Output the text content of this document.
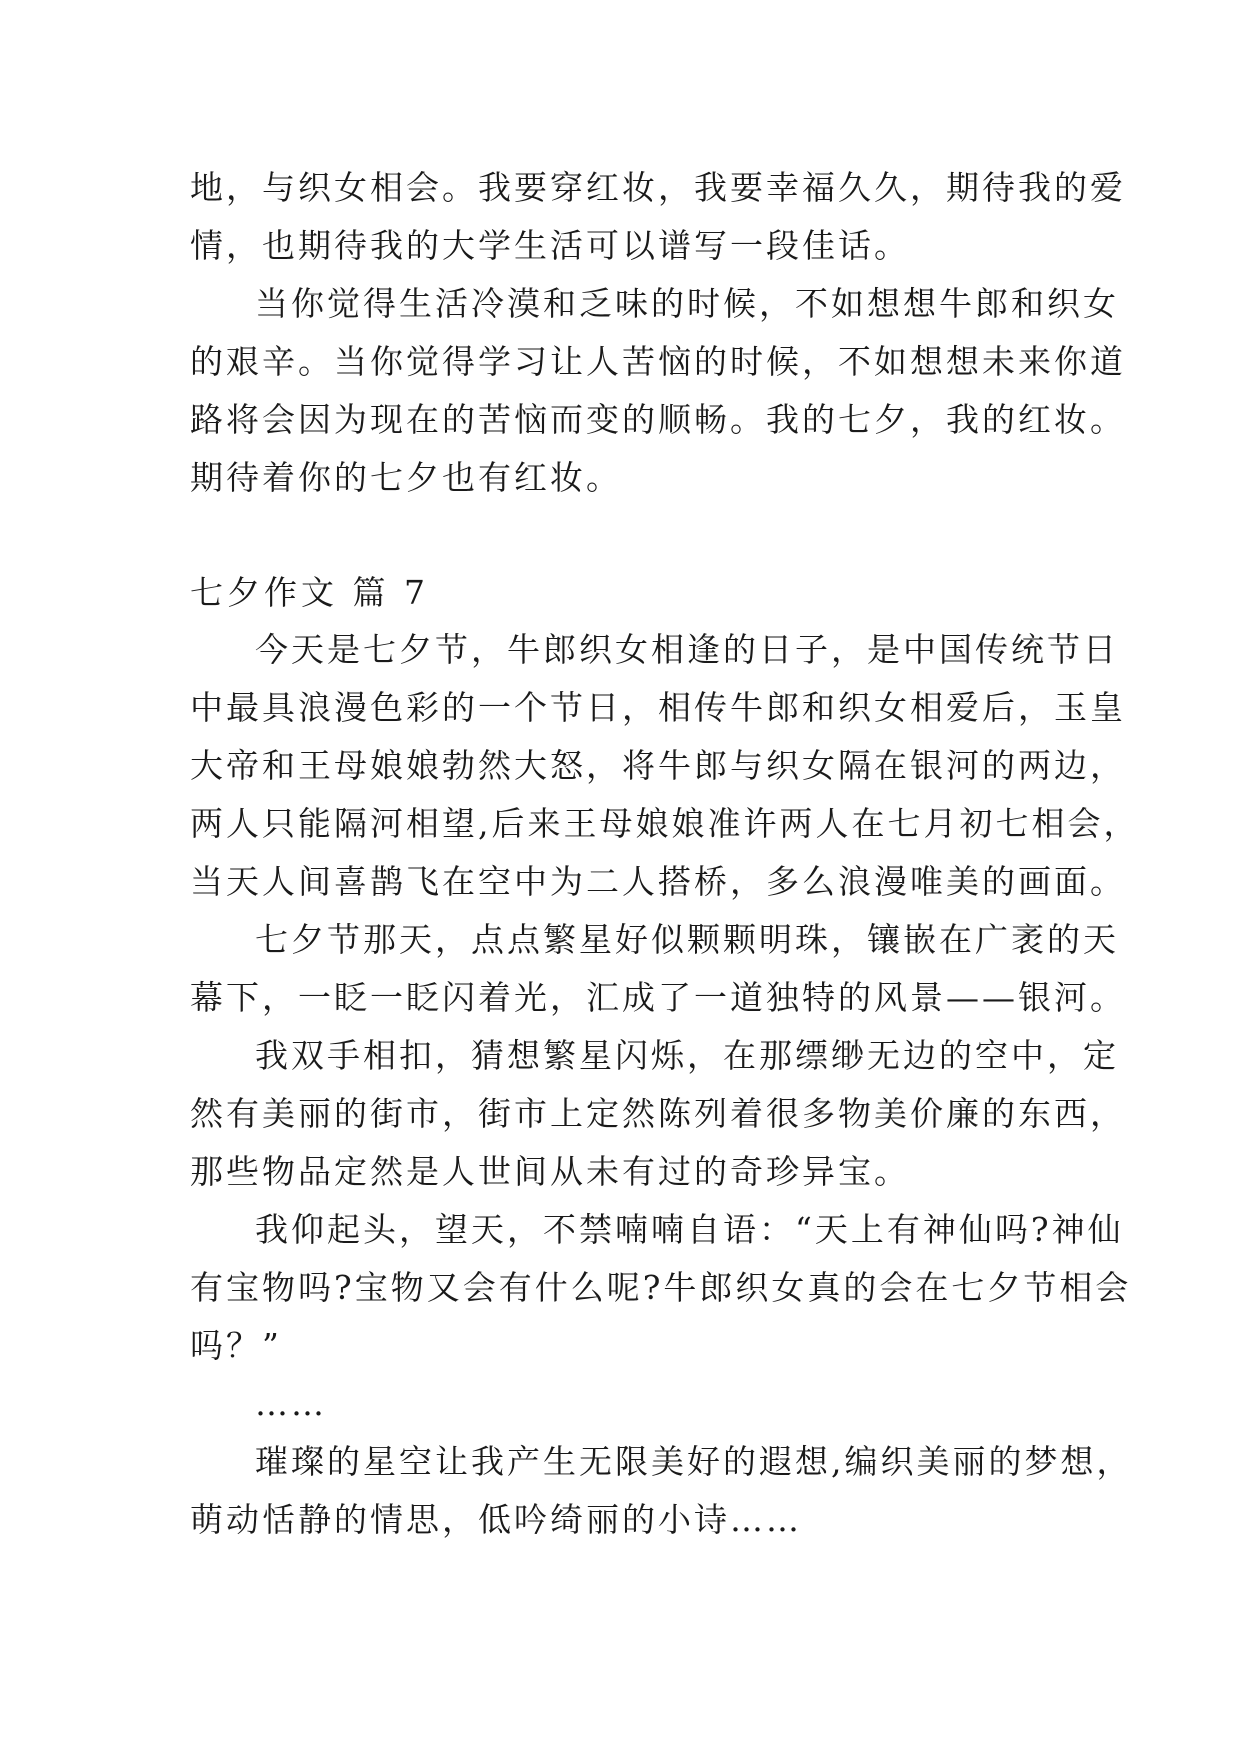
地，与织女相会。我要穿红妆，我要幸福久久，期待我的爱
情，也期待我的大学生活可以谱写一段佳话。
当你觉得生活冷漠和乏味的时候，不如想想牛郎和织女
的艰辛。当你觉得学习让人苦恼的时候，不如想想未来你道
路将会因为现在的苦恼而变的顺畅。我的七夕，我的红妆。
期待着你的七夕也有红妆。
七夕作文 篇 7
今天是七夕节，牛郎织女相逢的日子，是中国传统节日
中最具浪漫色彩的一个节日，相传牛郎和织女相爱后，玉皇
大帝和王母娘娘勃然大怒，将牛郎与织女隔在银河的两边，
两人只能隔河相望,后来王母娘娘准许两人在七月初七相会，
当天人间喜鹊飞在空中为二人搭桥，多么浪漫唯美的画面。
七夕节那天，点点繁星好似颗颗明珠，镶嵌在广袤的天
幕下，一眨一眨闪着光，汇成了一道独特的风景——银河。
我双手相扣，猜想繁星闪烁，在那缥缈无边的空中，定
然有美丽的街市，街市上定然陈列着很多物美价廉的东西，
那些物品定然是人世间从未有过的奇珍异宝。
我仰起头，望天，不禁喃喃自语：“天上有神仙吗?神仙
有宝物吗?宝物又会有什么呢?牛郎织女真的会在七夕节相会
吗？”
……
璀璨的星空让我产生无限美好的遐想,编织美丽的梦想，
萌动恬静的情思，低吟绮丽的小诗……
